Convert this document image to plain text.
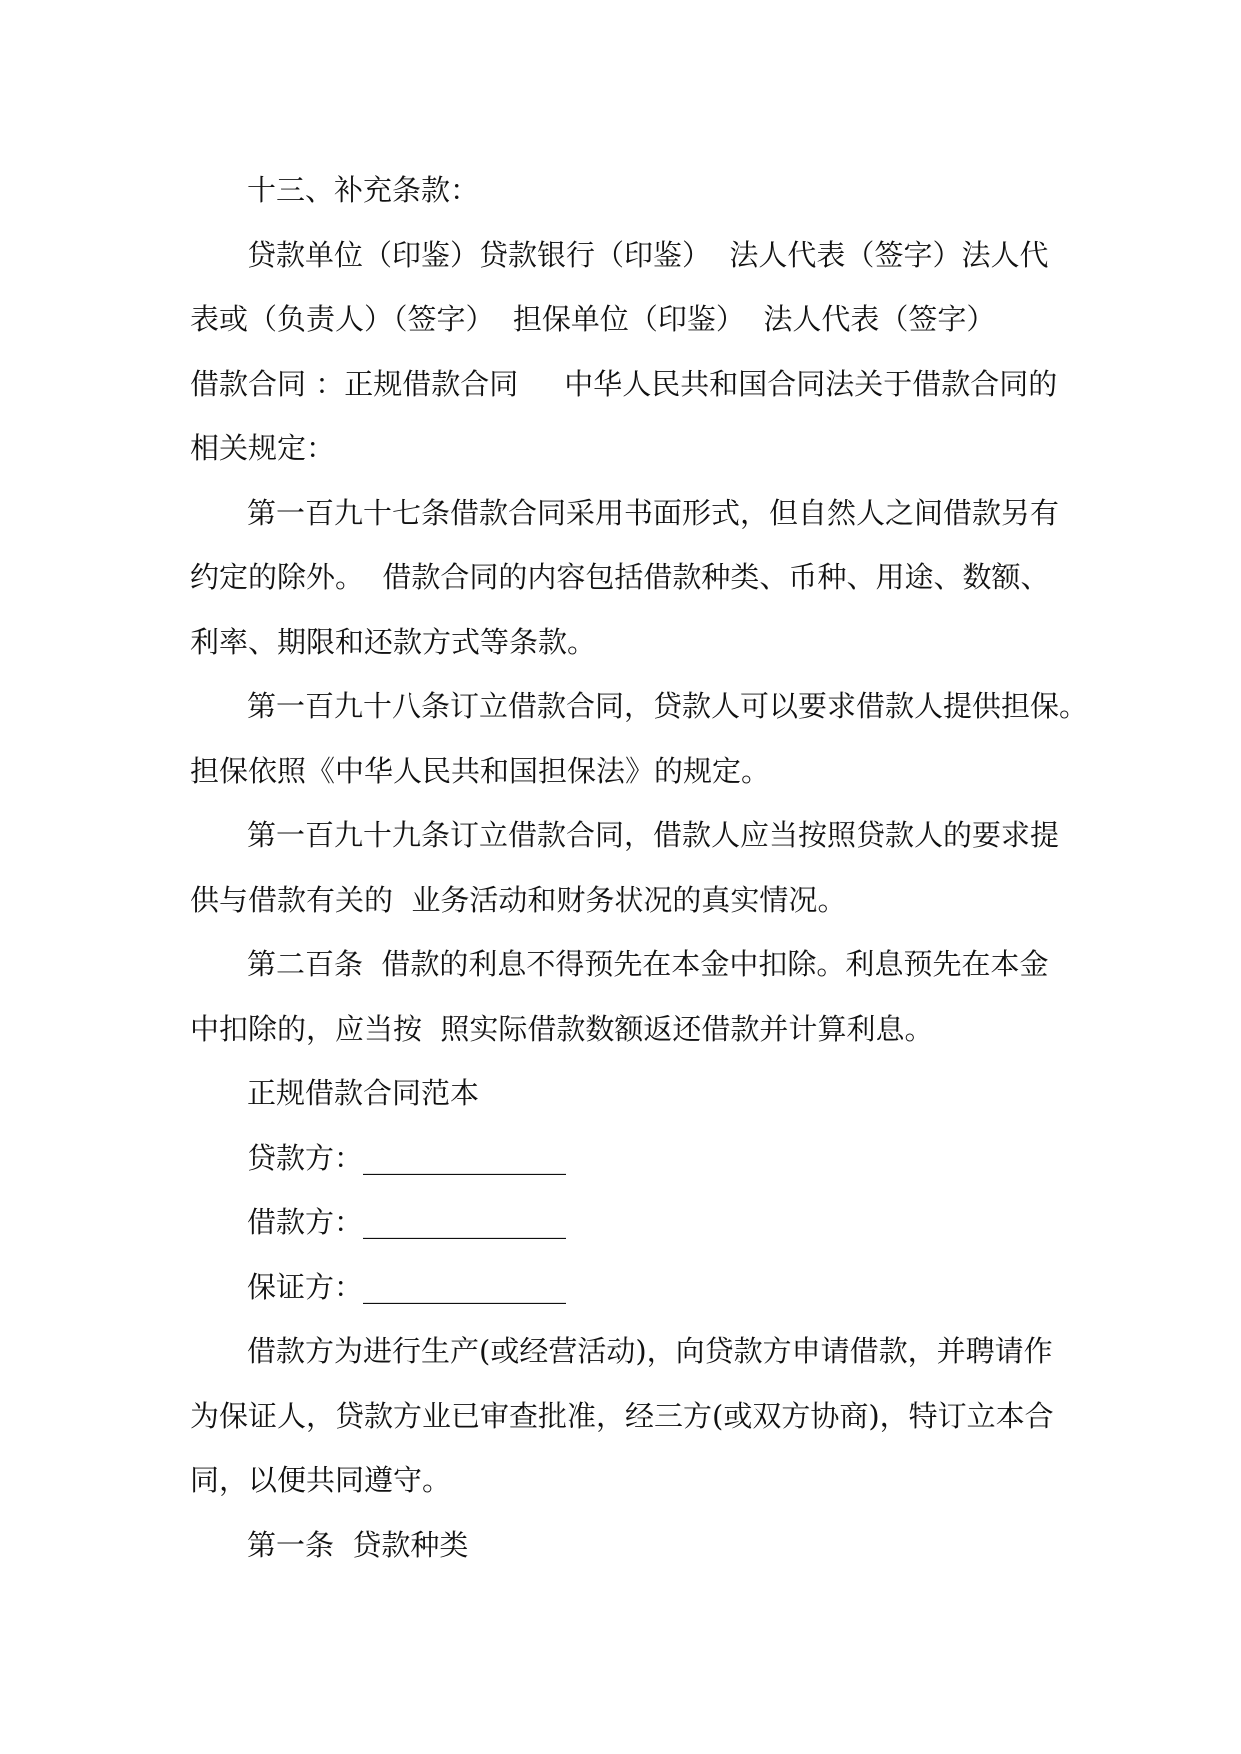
十三、补充条款：
贷款单位（印鉴）贷款银行（印鉴）  法人代表（签字）法人代
表或（负责人）（签字）  担保单位（印鉴）  法人代表（签字）
借款合同 ：正规借款合同     中华人民共和国合同法关于借款合同的
相关规定：
第一百九十七条借款合同采用书面形式，但自然人之间借款另有
约定的除外。  借款合同的内容包括借款种类、币种、用途、数额、
利率、期限和还款方式等条款。
第一百九十八条订立借款合同，贷款人可以要求借款人提供担保。
担保依照《中华人民共和国担保法》的规定。
第一百九十九条订立借款合同，借款人应当按照贷款人的要求提
供与借款有关的  业务活动和财务状况的真实情况。
第二百条  借款的利息不得预先在本金中扣除。利息预先在本金
中扣除的，应当按  照实际借款数额返还借款并计算利息。
正规借款合同范本
贷款方：______________
借款方：______________
保证方：______________
借款方为进行生产(或经营活动)，向贷款方申请借款，并聘请作
为保证人，贷款方业已审查批准，经三方(或双方协商)，特订立本合
同，以便共同遵守。
第一条  贷款种类
